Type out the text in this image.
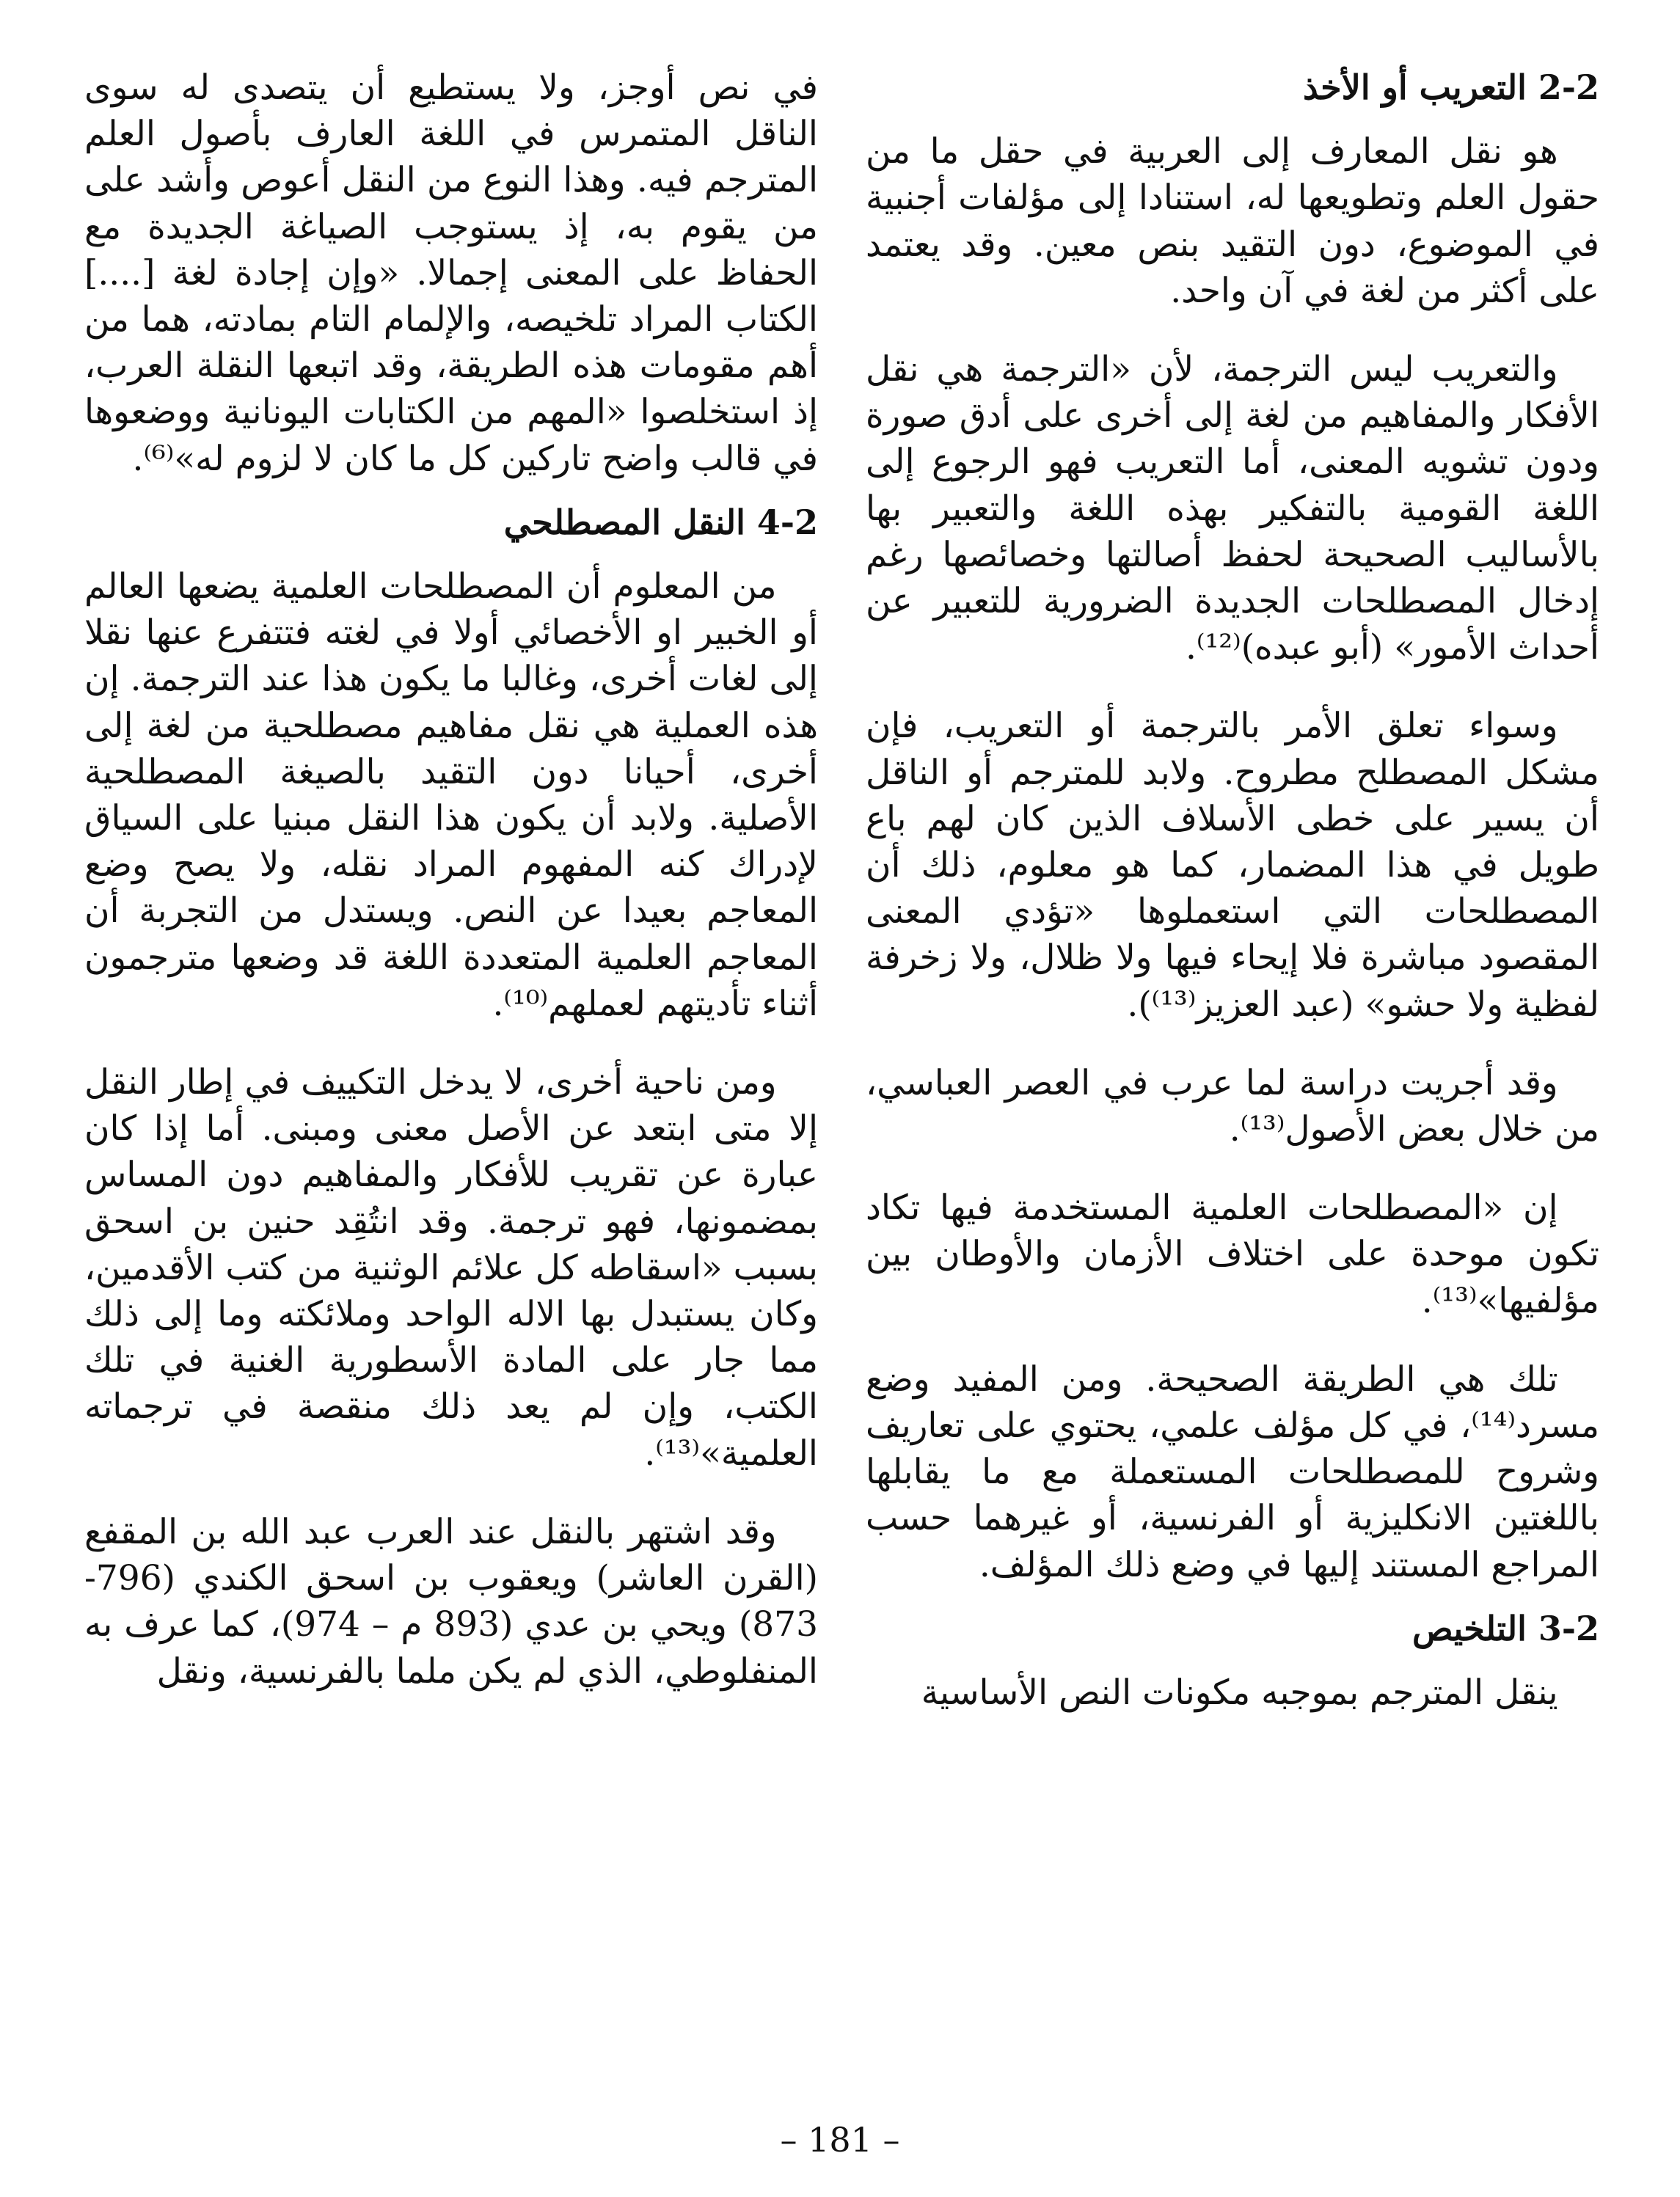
2-2 التعريب أو الأخذ

هو نقل المعارف إلى العربية في حقل ما من حقول العلم وتطويعها له، استنادا إلى مؤلفات أجنبية في الموضوع، دون التقيد بنص معين. وقد يعتمد على أكثر من لغة في آن واحد.

والتعريب ليس الترجمة، لأن «الترجمة هي نقل الأفكار والمفاهيم من لغة إلى أخرى على أدق صورة ودون تشويه المعنى، أما التعريب فهو الرجوع إلى اللغة القومية بالتفكير بهذه اللغة والتعبير بها بالأساليب الصحيحة لحفظ أصالتها وخصائصها رغم إدخال المصطلحات الجديدة الضرورية للتعبير عن أحداث الأمور» (أبو عبده)⁽¹²⁾.

وسواء تعلق الأمر بالترجمة أو التعريب، فإن مشكل المصطلح مطروح. ولابد للمترجم أو الناقل أن يسير على خطى الأسلاف الذين كان لهم باع طويل في هذا المضمار، كما هو معلوم، ذلك أن المصطلحات التي استعملوها «تؤدي المعنى المقصود مباشرة فلا إيحاء فيها ولا ظلال، ولا زخرفة لفظية ولا حشو» (عبد العزيز⁽¹³⁾).

وقد أجريت دراسة لما عرب في العصر العباسي، من خلال بعض الأصول⁽¹³⁾.

إن «المصطلحات العلمية المستخدمة فيها تكاد تكون موحدة على اختلاف الأزمان والأوطان بين مؤلفيها»⁽¹³⁾.

تلك هي الطريقة الصحيحة. ومن المفيد وضع مسرد⁽¹⁴⁾، في كل مؤلف علمي، يحتوي على تعاريف وشروح للمصطلحات المستعملة مع ما يقابلها باللغتين الانكليزية أو الفرنسية، أو غيرهما حسب المراجع المستند إليها في وضع ذلك المؤلف.

3-2 التلخيص

ينقل المترجم بموجبه مكونات النص الأساسية

في نص أوجز، ولا يستطيع أن يتصدى له سوى الناقل المتمرس في اللغة العارف بأصول العلم المترجم فيه. وهذا النوع من النقل أعوص وأشد على من يقوم به، إذ يستوجب الصياغة الجديدة مع الحفاظ على المعنى إجمالا. «وإن إجادة لغة [....] الكتاب المراد تلخيصه، والإلمام التام بمادته، هما من أهم مقومات هذه الطريقة، وقد اتبعها النقلة العرب، إذ استخلصوا «المهم من الكتابات اليونانية ووضعوها في قالب واضح تاركين كل ما كان لا لزوم له»⁽⁶⁾.

4-2 النقل المصطلحي

من المعلوم أن المصطلحات العلمية يضعها العالم أو الخبير او الأخصائي أولا في لغته فتتفرع عنها نقلا إلى لغات أخرى، وغالبا ما يكون هذا عند الترجمة. إن هذه العملية هي نقل مفاهيم مصطلحية من لغة إلى أخرى، أحيانا دون التقيد بالصيغة المصطلحية الأصلية. ولابد أن يكون هذا النقل مبنيا على السياق لإدراك كنه المفهوم المراد نقله، ولا يصح وضع المعاجم بعيدا عن النص. ويستدل من التجربة أن المعاجم العلمية المتعددة اللغة قد وضعها مترجمون أثناء تأديتهم لعملهم⁽¹⁰⁾.

ومن ناحية أخرى، لا يدخل التكييف في إطار النقل إلا متى ابتعد عن الأصل معنى ومبنى. أما إذا كان عبارة عن تقريب للأفكار والمفاهيم دون المساس بمضمونها، فهو ترجمة. وقد انتُقِد حنين بن اسحق بسبب «اسقاطه كل علائم الوثنية من كتب الأقدمين، وكان يستبدل بها الاله الواحد وملائكته وما إلى ذلك مما جار على المادة الأسطورية الغنية في تلك الكتب، وإن لم يعد ذلك منقصة في ترجماته العلمية»⁽¹³⁾.

وقد اشتهر بالنقل عند العرب عبد الله بن المقفع (القرن العاشر) ويعقوب بن اسحق الكندي (796-873) ويحي بن عدي (893 م – 974)، كما عرف به المنفلوطي، الذي لم يكن ملما بالفرنسية، ونقل

– 181 –
